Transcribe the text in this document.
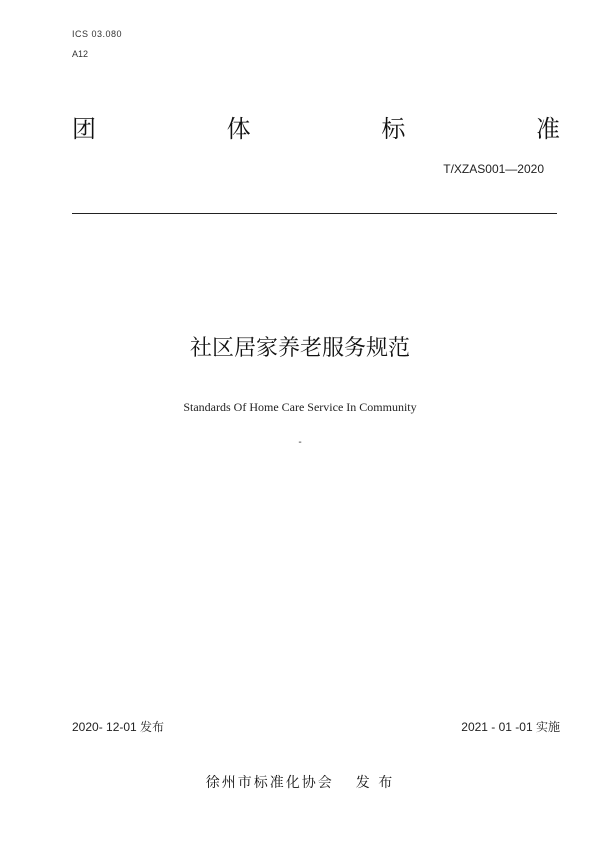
ICS 03.080
A12
团	体	标	准
T/XZAS001—2020
社区居家养老服务规范
Standards Of Home Care Service In Community
-
2020- 12-01 发布	2021 - 01 -01 实施
徐州市标准化协会 发 布
